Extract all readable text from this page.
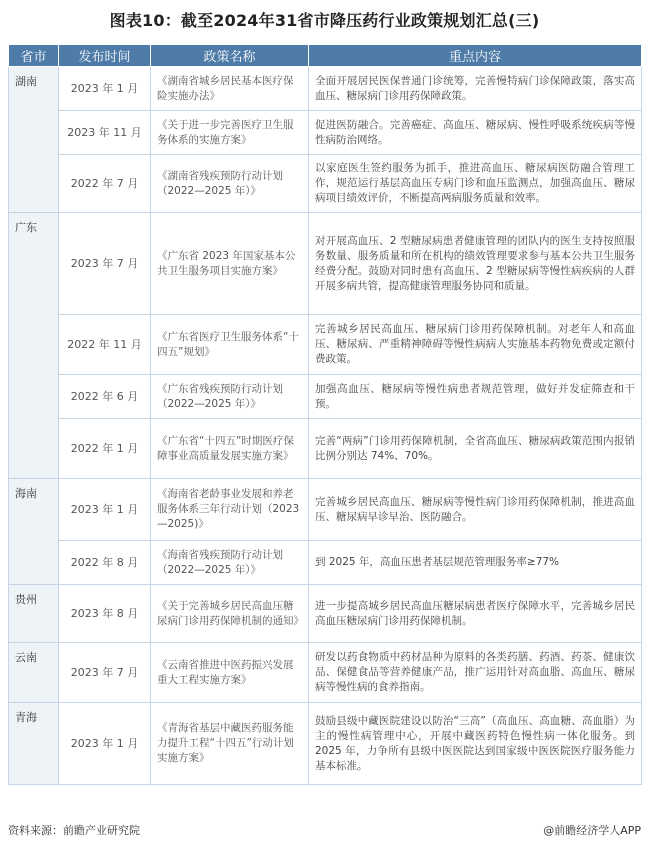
图表10：截至2024年31省市降压药行业政策规划汇总(三)
省市	发布时间	政策名称	重点内容
湖南	2023 年 1 月	《湖南省城乡居民基本医疗保险实施办法》	全面开展居民医保普通门诊统筹，完善慢特病门诊保障政策，落实高血压、糖尿病门诊用药保障政策。
	2023 年 11 月	《关于进一步完善医疗卫生服务体系的实施方案》	促进医防融合。完善癌症、高血压、糖尿病、慢性呼吸系统疾病等慢性病防治网络。
	2022 年 7 月	《湖南省残疾预防行动计划（2022—2025 年）》	以家庭医生签约服务为抓手，推进高血压、糖尿病医防融合管理工作，规范运行基层高血压专病门诊和血压监测点，加强高血压、糖尿病项目绩效评价，不断提高两病服务质量和效率。
广东	2023 年 7 月	《广东省 2023 年国家基本公共卫生服务项目实施方案》	对开展高血压、2 型糖尿病患者健康管理的团队内的医生支持按照服务数量、服务质量和所在机构的绩效管理要求参与基本公共卫生服务经费分配。鼓励对同时患有高血压、2 型糖尿病等慢性病疾病的人群开展多病共管，提高健康管理服务协同和质量。
	2022 年 11 月	《广东省医疗卫生服务体系“十四五”规划》	完善城乡居民高血压、糖尿病门诊用药保障机制。对老年人和高血压、糖尿病、严重精神障碍等慢性病病人实施基本药物免费或定额付费政策。
	2022 年 6 月	《广东省残疾预防行动计划（2022—2025 年）》	加强高血压、糖尿病等慢性病患者规范管理，做好并发症筛查和干预。
	2022 年 1 月	《广东省“十四五”时期医疗保障事业高质量发展实施方案》	完善“两病”门诊用药保障机制，全省高血压、糖尿病政策范围内报销比例分别达 74%、70%。
海南	2023 年 1 月	《海南省老龄事业发展和养老服务体系三年行动计划（2023—2025)》	完善城乡居民高血压、糖尿病等慢性病门诊用药保障机制，推进高血压、糖尿病早诊早治、医防融合。
	2022 年 8 月	《海南省残疾预防行动计划（2022—2025 年）》	到 2025 年，高血压患者基层规范管理服务率≥77%
贵州	2023 年 8 月	《关于完善城乡居民高血压糖尿病门诊用药保障机制的通知》	进一步提高城乡居民高血压糖尿病患者医疗保障水平，完善城乡居民高血压糖尿病门诊用药保障机制。
云南	2023 年 7 月	《云南省推进中医药振兴发展重大工程实施方案》	研发以药食物质中药材品种为原料的各类药膳、药酒、药茶、健康饮品、保健食品等营养健康产品，推广运用针对高血脂、高血压、糖尿病等慢性病的食养指南。
青海	2023 年 1 月	《青海省基层中藏医药服务能力提升工程“十四五”行动计划实施方案》	鼓励县级中藏医院建设以防治“三高”（高血压、高血糖、高血脂）为主的慢性病管理中心，开展中藏医药特色慢性病一体化服务。到 2025 年，力争所有县级中医医院达到国家级中医医院医疗服务能力基本标准。
资料来源：前瞻产业研究院	@前瞻经济学人APP
